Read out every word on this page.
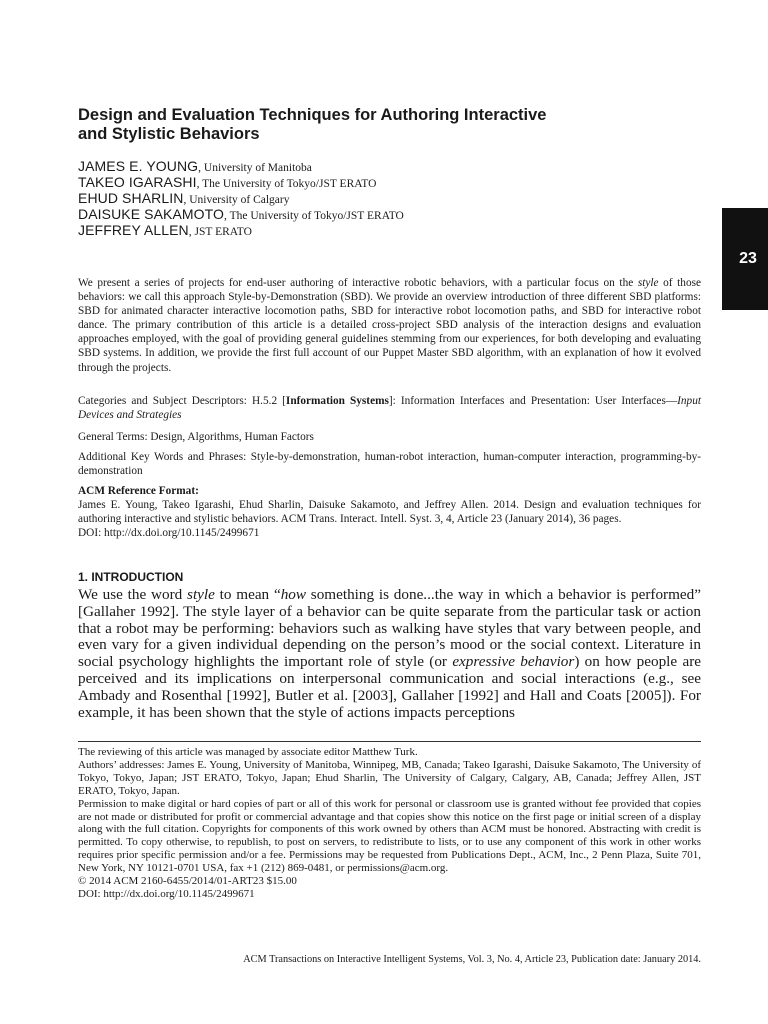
23
Design and Evaluation Techniques for Authoring Interactive
and Stylistic Behaviors
JAMES E. YOUNG, University of Manitoba
TAKEO IGARASHI, The University of Tokyo/JST ERATO
EHUD SHARLIN, University of Calgary
DAISUKE SAKAMOTO, The University of Tokyo/JST ERATO
JEFFREY ALLEN, JST ERATO

We present a series of projects for end-user authoring of interactive robotic behaviors, with a particular focus on the style of those behaviors: we call this approach Style-by-Demonstration (SBD). We provide an overview introduction of three different SBD platforms: SBD for animated character interactive locomotion paths, SBD for interactive robot locomotion paths, and SBD for interactive robot dance. The primary contribution of this article is a detailed cross-project SBD analysis of the interaction designs and evaluation approaches employed, with the goal of providing general guidelines stemming from our experiences, for both developing and evaluating SBD systems. In addition, we provide the first full account of our Puppet Master SBD algorithm, with an explanation of how it evolved through the projects.

Categories and Subject Descriptors: H.5.2 [Information Systems]: Information Interfaces and Presentation: User Interfaces—Input Devices and Strategies

General Terms: Design, Algorithms, Human Factors

Additional Key Words and Phrases: Style-by-demonstration, human-robot interaction, human-computer interaction, programming-by-demonstration

ACM Reference Format:

James E. Young, Takeo Igarashi, Ehud Sharlin, Daisuke Sakamoto, and Jeffrey Allen. 2014. Design and evaluation techniques for authoring interactive and stylistic behaviors. ACM Trans. Interact. Intell. Syst. 3, 4, Article 23 (January 2014), 36 pages.

DOI: http://dx.doi.org/10.1145/2499671

1. INTRODUCTION

We use the word style to mean “how something is done...the way in which a behavior is performed” [Gallaher 1992]. The style layer of a behavior can be quite separate from the particular task or action that a robot may be performing: behaviors such as walking have styles that vary between people, and even vary for a given individual depending on the person’s mood or the social context. Literature in social psychology highlights the important role of style (or expressive behavior) on how people are perceived and its implications on interpersonal communication and social interactions (e.g., see Ambady and Rosenthal [1992], Butler et al. [2003], Gallaher [1992] and Hall and Coats [2005]). For example, it has been shown that the style of actions impacts perceptions

The reviewing of this article was managed by associate editor Matthew Turk.

Authors’ addresses: James E. Young, University of Manitoba, Winnipeg, MB, Canada; Takeo Igarashi, Daisuke Sakamoto, The University of Tokyo, Tokyo, Japan; JST ERATO, Tokyo, Japan; Ehud Sharlin, The University of Calgary, Calgary, AB, Canada; Jeffrey Allen, JST ERATO, Tokyo, Japan.

Permission to make digital or hard copies of part or all of this work for personal or classroom use is granted without fee provided that copies are not made or distributed for profit or commercial advantage and that copies show this notice on the first page or initial screen of a display along with the full citation. Copyrights for components of this work owned by others than ACM must be honored. Abstracting with credit is permitted. To copy otherwise, to republish, to post on servers, to redistribute to lists, or to use any component of this work in other works requires prior specific permission and/or a fee. Permissions may be requested from Publications Dept., ACM, Inc., 2 Penn Plaza, Suite 701, New York, NY 10121-0701 USA, fax +1 (212) 869-0481, or permissions@acm.org.

© 2014 ACM 2160-6455/2014/01-ART23 $15.00

DOI: http://dx.doi.org/10.1145/2499671

ACM Transactions on Interactive Intelligent Systems, Vol. 3, No. 4, Article 23, Publication date: January 2014.
